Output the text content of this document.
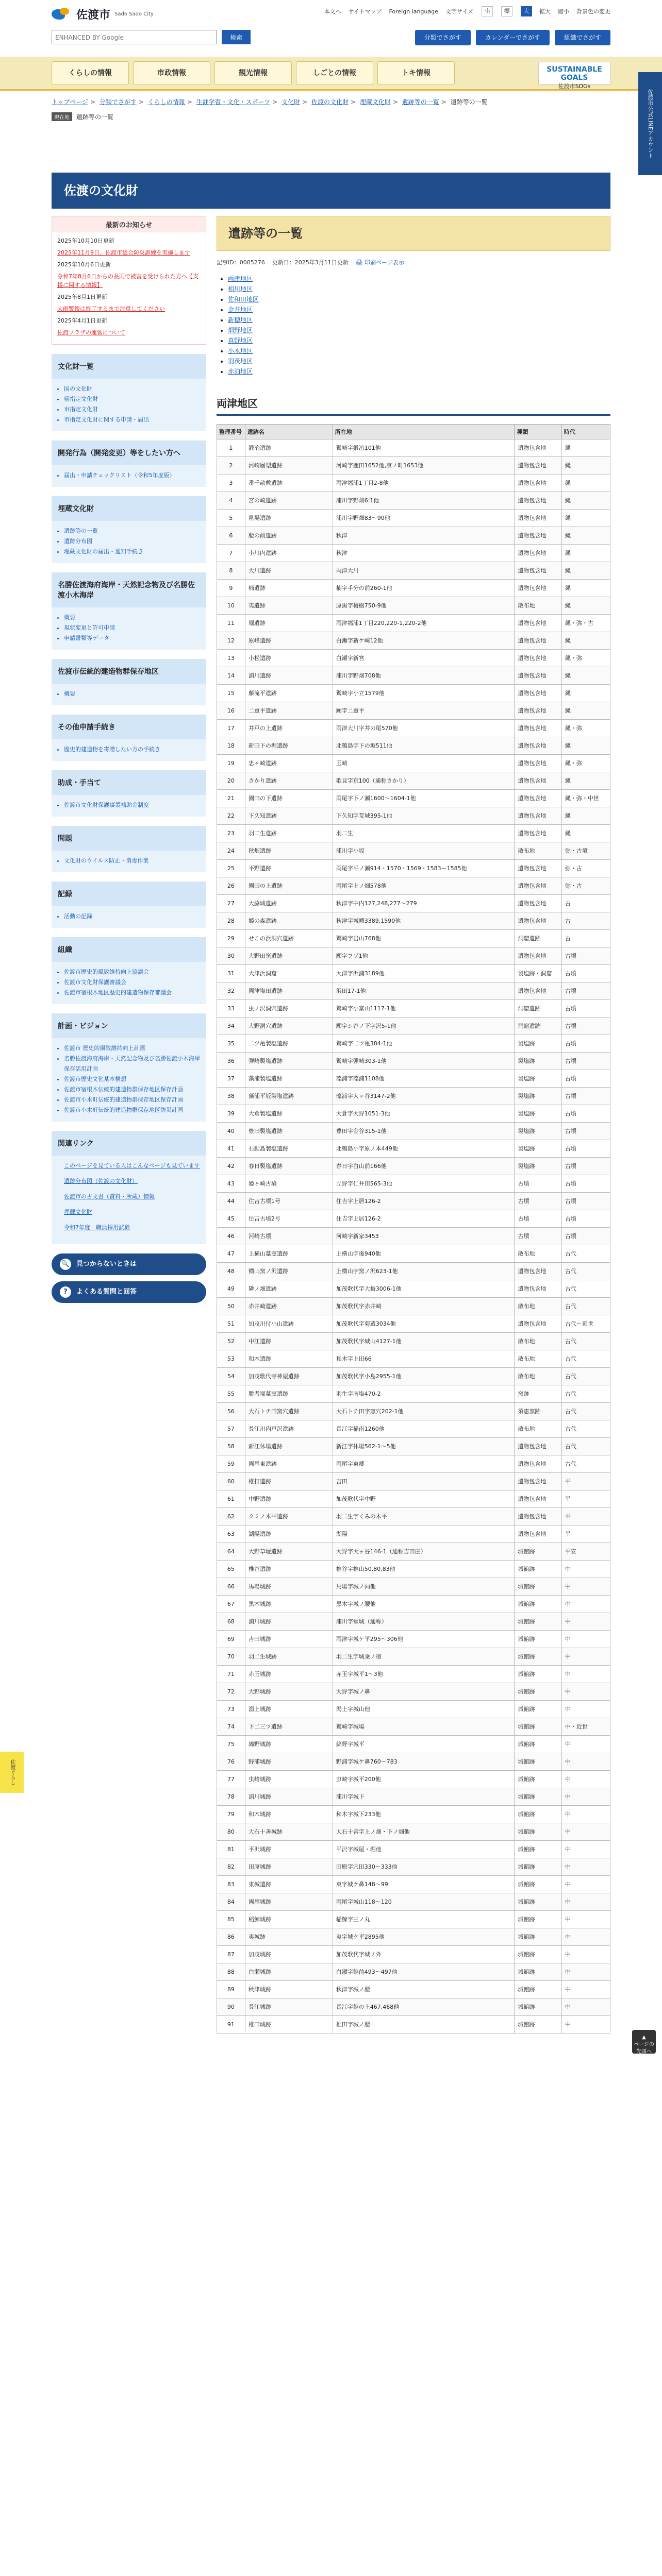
佐渡市 Sado Sado City	本文へ サイトマップ Foreign language 文字サイズ	小	標	大	拡大 縮小 背景色の変更
ENHANCED BY Google	検索	分類でさがす	カレンダーでさがす	組織でさがす
くらしの情報	市政情報	観光情報	しごとの情報	トキ情報	SUSTAINABLE GOALS
佐渡市SDGs
トップページ > 分類でさがす > くらしの情報 > 生涯学習・文化・スポーツ > 文化財 > 佐渡の文化財 > 埋蔵文化財 > 遺跡等の一覧 > 遺跡等の一覧
現在地	遺跡等の一覧
佐渡の文化財
最新のお知らせ
2025年10月10日更新
2025年11月9日、佐渡市総合防災訓練を実施します
2025年10月6日更新
令和7年8月6日からの長雨で被害を受けられた方へ【支援に関する情報】
2025年8月1日更新
大雨警報は終了するまで注意してください
2025年4月1日更新
佐渡プラザの運営について
文化財一覧
• 国の文化財
• 県指定文化財
• 市指定文化財
• 市指定文化財に関する申請・届出
開発行為（開発変更）等をしたい方へ
• 届出・申請チェックリスト（令和5年度版）
埋蔵文化財
• 遺跡等の一覧
• 遺跡分布図
• 埋蔵文化財の届出・通知手続き
名勝佐渡海府海岸・天然記念物及び名勝佐渡小木海岸
• 概要
• 現状変更と許可申請
• 申請書類等データ
佐渡市伝統的建造物群保存地区
• 概要
その他申請手続き
• 歴史的建造物を寄贈したい方の手続き
助成・手当て
• 佐渡市文化財保護事業補助金制度
問題
• 文化財のウイルス防止・消毒作業
記録
• 活動の記録
組織
• 佐渡市歴史的風致維持向上協議会
• 佐渡市文化財保護審議会
• 佐渡市宿根木地区歴史的建造物保存審議会
計画・ビジョン
• 佐渡市 歴史的風致維持向上計画
• 名勝佐渡海府海岸・天然記念物及び名勝佐渡小木海岸保存活用計画
• 佐渡市歴史文化基本構想
• 佐渡市宿根木伝統的建造物群保存地区保存計画
• 佐渡市小木町伝統的建造物群保存地区保存計画
• 佐渡市小木町伝統的建造物群保存地区防災計画
関連リンク
このページを見ている人はこんなページも見ています
遺跡分布図（佐渡の文化財）
佐渡市の古文書（資料・所蔵）情報
埋蔵文化財
令和7年度　職員採用試験
🔍 見つからないときは
?	よくある質問と回答
遺跡等の一覧
記事ID：0005276 更新日：2025年3月11日更新 🖨 印刷ページ表示
• 両津地区
• 相川地区
• 佐和田地区
• 金井地区
• 新穂地区
• 畑野地区
• 真野地区
• 小木地区
• 羽茂地区
• 赤泊地区
両津地区
整理番号	遺跡名	所在地	種類	時代
1	鍛冶遺跡	鷲崎字鍛冶101他	遺物包含地	縄
2	河崎層型遺跡	河崎字鹿田1652他,京ノ町1653他	遺物包含地	縄
3	番千畝敷遺跡	両津福浦1丁目2-8他	遺物包含地	縄
4	宮の崎遺跡	浦川字野畑6:1他	遺物包含地	縄
5	昆場遺跡	浦川字野畑83～90他	遺物包含地	縄
6	腰の前遺跡	秋津	遺物包含地	縄
7	小川内遺跡	秋津	遺物包含地	縄
8	大川遺跡	両津大川	遺物包含地	縄
9	楠遺跡	楠字手分の前260-1他	遺物包含地	縄
10	夷遺跡	原黒字梅樹750-9他	散布地	縄
11	堀遺跡	両津福浦1丁目220,220-1,220-2他	遺物包含地	縄・弥・古
12	原峰遺跡	白瀬字新ケ崎12他	遺物包含地	縄
13	小松遺跡	白瀬字新宮	遺物包含地	縄・弥
14	浦川遺跡	浦川字野畑708他	遺物包含地	縄
15	藤滝平遺跡	鷲崎字小立1579他	遺物包含地	縄
16	二重平遺跡	願字二重平	遺物包含地	縄
17	井戸の上遺跡	両津大川字井の尾570他	遺物包含地	縄・弥
18	新田下の堀遺跡	北鵜島字下の坂511他	遺物包含地	縄
19	忠ヶ崎遺跡	玉崎	遺物包含地	縄・弥
20	さかり遺跡	歌見字京100（通称さかり）	遺物包含地	縄
21	園田の下遺跡	両尾字下ノ瀬1600～1604-1他	遺物包含地	縄・弥・中世
22	下久知遺跡	下久知字荒城395-1他	遺物包含地	縄
23	羽二生遺跡	羽二生	遺物包含地	縄
24	秋畑遺跡	浦川字小坂	散布地	弥・古墳
25	平野遺跡	両尾字平ノ瀬914・1570・1569・1583ー1585他	遺物包含地	弥・古
26	園田の上遺跡	両尾字上ノ畑578他	遺物包含地	弥・古
27	大脇城遺跡	秋津字中内127,248,277～279	遺物包含地	古
28	姫の森遺跡	秋津字城幡3389,1590他	遺物包含地	古
29	せこの浜洞穴遺跡	鷲崎字岩山768他	洞窟遺跡	古
30	大野田窯遺跡	願字フゾ1他	遺物包含地	古墳
31	大津浜洞窟	大津字浜浦3189他	製塩跡・洞窟	古墳
32	両津塩田遺跡	浜田17-1他	遺物包含地	古墳
33	虫ノ沢洞穴遺跡	鷲崎字小富山1117-1他	洞窟遺跡	古墳
34	大野洞穴遺跡	願字シ谷ノ下字沢5-1他	洞窟遺跡	古墳
35	二ツ亀製塩遺跡	鷲崎字二ツ亀384-1他	製塩跡	古墳
36	弾崎製塩遺跡	鷲崎字弾崎303-1他	製塩跡	古墳
37	藻浦製塩遺跡	藻浦字藻浦1108他	製塩跡	古墳
38	藻浦平坂製塩遺跡	藻浦字大ヶ谷3147-2他	製塩跡	古墳
39	大倉製塩遺跡	大倉字大野1051-3他	製塩跡	古墳
40	豊田製塩遺跡	豊田字金谷315-1他	製塩跡	古墳
41	石動島製塩遺跡	北鵜島小字原ノ本449他	製塩跡	古墳
42	春日製塩遺跡	春日字白山前166他	製塩跡	古墳
43	姫ヶ崎古墳	立野字仁井田565-3他	古墳	古墳
44	住吉古墳1号	住吉字上居126-2	古墳	古墳
45	住吉古墳2号	住吉字上居126-2	古墳	古墳
46	河崎古墳	河崎字新家3453	古墳	古墳
47	上横山墓窯遺跡	上横山字後940他	散布地	古代
48	横山窯ノ沢遺跡	上横山字窯ノ沢623-1他	遺物包含地	古代
49	隣ノ畑遺跡	加茂歌代字大梅3006-1他	遺物包含地	古代
50	赤井崎遺跡	加茂歌代字赤井崎	散布地	古代
51	加茂川付小山遺跡	加茂歌代字菊蔵3034他	遺物包含地	古代～近世
52	中江遺跡	加茂歌代字城山4127-1他	散布地	古代
53	和木遺跡	和木字上田66	散布地	古代
54	加茂歌代寺神屋遺跡	加茂歌代字小島2955-1他	散布地	古代
55	勝者塚墓窯遺跡	羽生字南塩470-2	窯跡	古代
56	大石トチ田窯穴遺跡	大石トチ田字窯穴202-1他	須恵窯跡	古代
57	長江川内戸沢遺跡	長江字稲南1260他	散布地	古代
58	新江休場遺跡	新江字休場562-1～5他	遺物包含地	古代
59	両尾東遺跡	両尾字東郷	遺物包含地	古代
60	椎打遺跡	吉田	遺物包含地	平
61	中野遺跡	加茂歌代字中野	遺物包含地	平
62	クミノ木平遺跡	羽二生字くみの木平	遺物包含地	平
63	湖陽遺跡	湖陽	遺物包含地	平
64	大野草壇遺跡	大野字大ヶ谷146-1（通称吉田庄）	城館跡	平安
65	椎谷遺跡	椎谷字椎山50,80,83他	城館跡	中
66	馬場城跡	馬場字城ノ向他	城館跡	中
67	黒木城跡	黒木字城ノ腰他	城館跡	中
68	浦川城跡	浦川字堂城（通称）	城館跡	中
69	吉田城跡	両津字城ケ平295～306他	城館跡	中
70	羽二生城跡	羽二生字城乗ノ宿	城館跡	中
71	赤玉城跡	赤玉字城平1～3他	城館跡	中
72	大野城跡	大野字城ノ鼻	城館跡	中
73	潟上城跡	潟上字城山他	城館跡	中
74	下二三ツ遺跡	鷲崎字城場	城館跡	中・近世
75	綿野城跡	綿野字城平	城館跡	中
76	野浦城跡	野浦字城ケ鼻760～783	城館跡	中
77	虫崎城跡	虫崎字城平200他	城館跡	中
78	浦川城跡	浦川字城下	城館跡	中
79	和木城跡	和木字城下233他	城館跡	中
80	大石十善城跡	大石十善字上ノ畑・下ノ畑他	城館跡	中
81	平沢城跡	平沢字城屋・堀他	城館跡	中
82	田原城跡	田原字穴田330～333他	城館跡	中
83	東城遺跡	東字城ケ鼻148～99	城館跡	中
84	両尾城跡	両尾字城山118～120	城館跡	中
85	稲鯨城跡	稲鯨字三ノ丸	城館跡	中
86	夷城跡	夷字城ケ平2895他	城館跡	中
87	加茂城跡	加茂歌代字城ノ外	城館跡	中
88	白瀬城跡	白瀬字館前493～497他	城館跡	中
89	秋津城跡	秋津字城ノ腰	城館跡	中
90	長江城跡	長江字館の上467,468他	城館跡	中
91	椎田城跡	椎田字城ノ腰	城館跡	中
佐渡市公式LINEアカウント
佐渡ぐらし
▲
ページの先頭へ
